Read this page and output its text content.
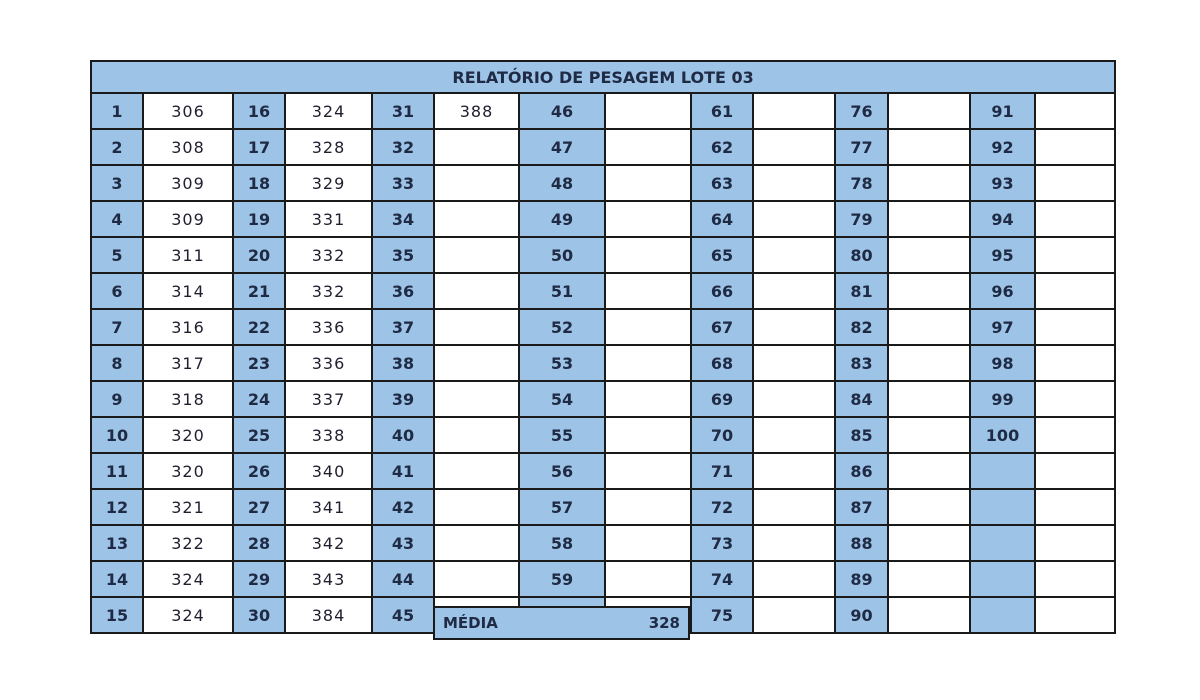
RELATÓRIO DE PESAGEM LOTE 03													
1	306	16	324	31	388	46		61		76		91	
2	308	17	328	32		47		62		77		92	
3	309	18	329	33		48		63		78		93	
4	309	19	331	34		49		64		79		94	
5	311	20	332	35		50		65		80		95	
6	314	21	332	36		51		66		81		96	
7	316	22	336	37		52		67		82		97	
8	317	23	336	38		53		68		83		98	
9	318	24	337	39		54		69		84		99	
10	320	25	338	40		55		70		85		100	
11	320	26	340	41		56		71		86			
12	321	27	341	42		57		72		87			
13	322	28	342	43		58		73		88			
14	324	29	343	44		59		74		89			
15	324	30	384	45				75		90			
MÉDIA	328
